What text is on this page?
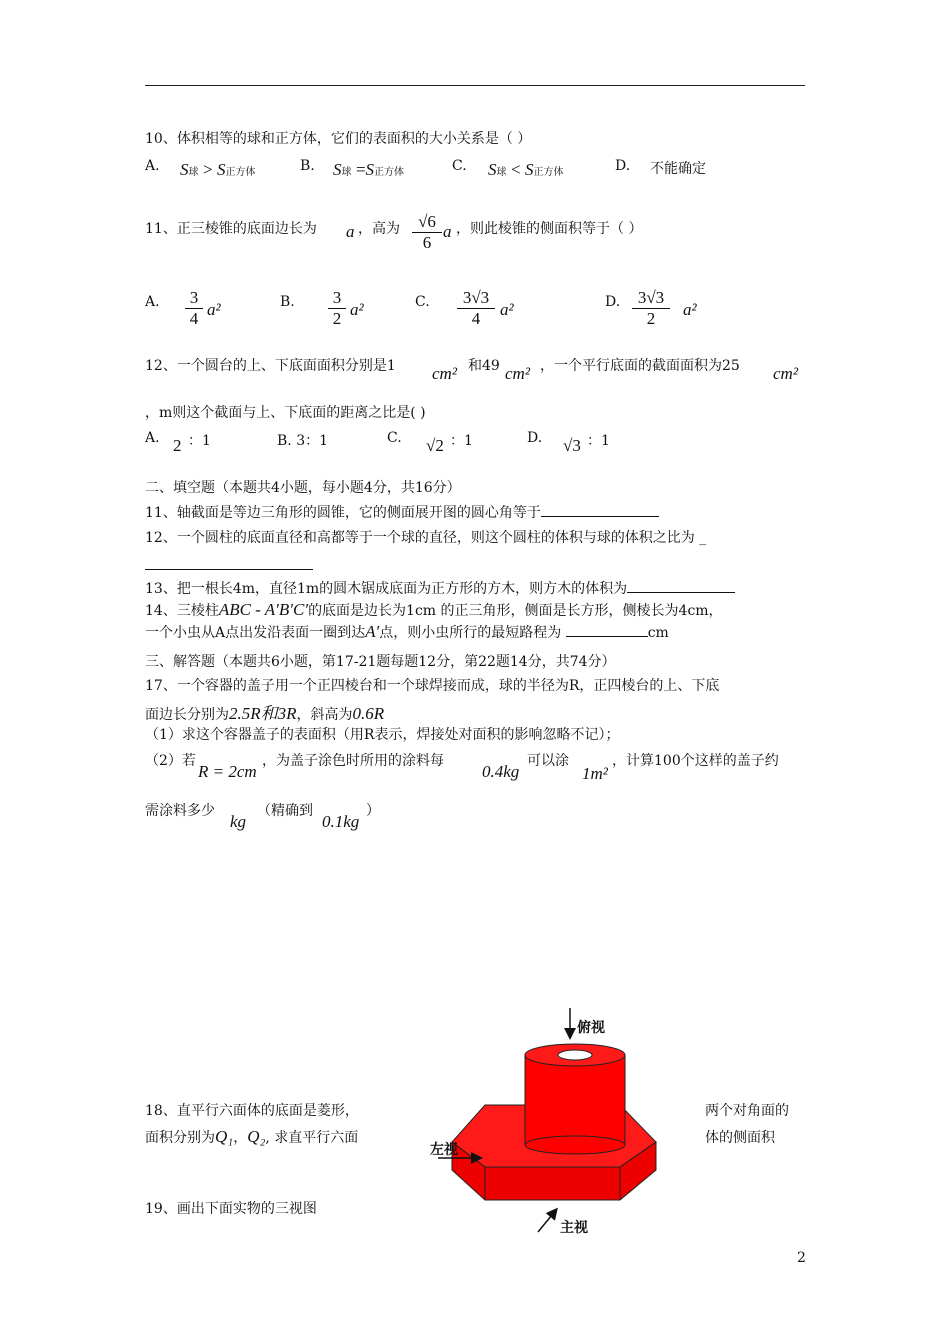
10、体积相等的球和正方体，它们的表面积的大小关系是（ ）
A. S球 > S正方体	B. S球 =S正方体	C. S球 < S正方体	D. 不能确定
11、正三棱锥的底面边长为 a ，高为	√6
6
a ，则此棱锥的侧面积等于（ ）
A. 3
4 a²	B. 3
2 a²	C.	3√3
4	a²	D.	3√3
2	a²
12、一个圆台的上、下底面面积分别是1 cm² 和49 cm² ，一个平行底面的截面面积为25 cm²
，m则这个截面与上、下底面的距离之比是( )
A. 2 ：1	B. 3：1	C. √2 ：1	D. √3 ：1
二、填空题（本题共4小题，每小题4分，共16分）
11、轴截面是等边三角形的圆锥，它的侧面展开图的圆心角等于
12、一个圆柱的底面直径和高都等于一个球的直径，则这个圆柱的体积与球的体积之比为 _
13、把一根长4m，直径1m的圆木锯成底面为正方形的方木，则方木的体积为
14、三棱柱ABC - A′B′C′的底面是边长为1cm 的正三角形，侧面是长方形，侧棱长为4cm，
一个小虫从A点出发沿表面一圈到达A′点，则小虫所行的最短路程为	cm
三、解答题（本题共6小题，第17-21题每题12分，第22题14分，共74分）
17、一个容器的盖子用一个正四棱台和一个球焊接而成，球的半径为R，正四棱台的上、下底
面边长分别为2.5R和3R，斜高为0.6R
（1）求这个容器盖子的表面积（用R表示，焊接处对面积的影响忽略不记）；
（2）若
R = 2cm
，为盖子涂色时所用的涂料每
0.4kg
可以涂
1m²
，计算100个这样的盖子约
需涂料多少
kg
（精确到
0.1kg
）
18、直平行六面体的底面是菱形，	两个对角面的
面积分别为Q₁，Q₂, 求直平行六面	体的侧面积
19、画出下面实物的三视图
俯视
左视
主视
2
